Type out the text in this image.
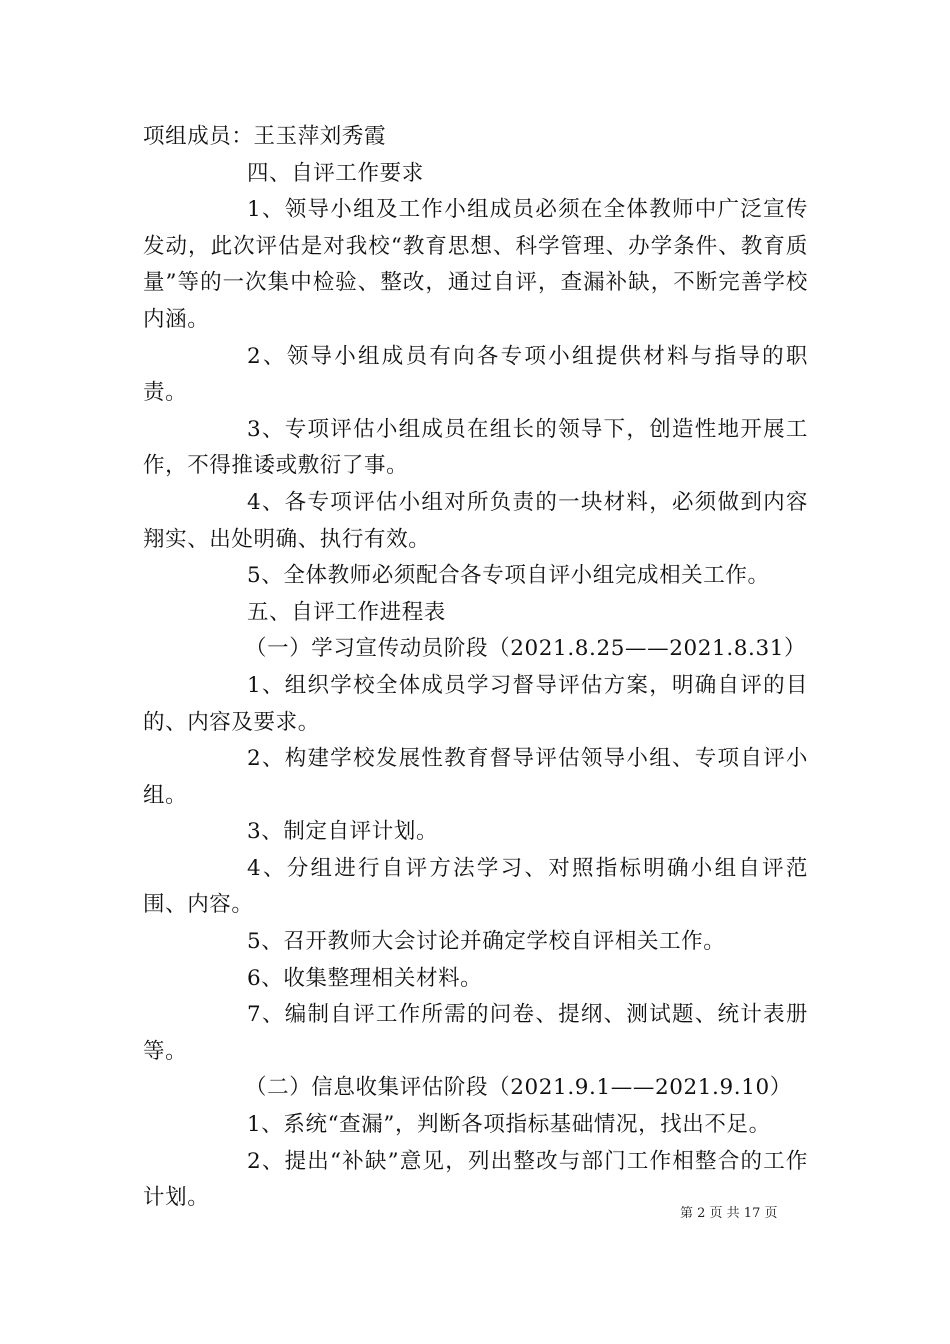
项组成员：王玉萍刘秀霞

四、自评工作要求

1、领导小组及工作小组成员必须在全体教师中广泛宣传发动，此次评估是对我校“教育思想、科学管理、办学条件、教育质量”等的一次集中检验、整改，通过自评，查漏补缺，不断完善学校内涵。

2、领导小组成员有向各专项小组提供材料与指导的职责。

3、专项评估小组成员在组长的领导下，创造性地开展工作，不得推诿或敷衍了事。

4、各专项评估小组对所负责的一块材料，必须做到内容翔实、出处明确、执行有效。

5、全体教师必须配合各专项自评小组完成相关工作。

五、自评工作进程表

（一）学习宣传动员阶段（2021.8.25——2021.8.31）

1、组织学校全体成员学习督导评估方案，明确自评的目的、内容及要求。

2、构建学校发展性教育督导评估领导小组、专项自评小组。

3、制定自评计划。

4、分组进行自评方法学习、对照指标明确小组自评范围、内容。

5、召开教师大会讨论并确定学校自评相关工作。

6、收集整理相关材料。

7、编制自评工作所需的问卷、提纲、测试题、统计表册等。

（二）信息收集评估阶段（2021.9.1——2021.9.10）

1、系统“查漏”，判断各项指标基础情况，找出不足。

2、提出“补缺”意见，列出整改与部门工作相整合的工作计划。

第 2 页 共 17 页
